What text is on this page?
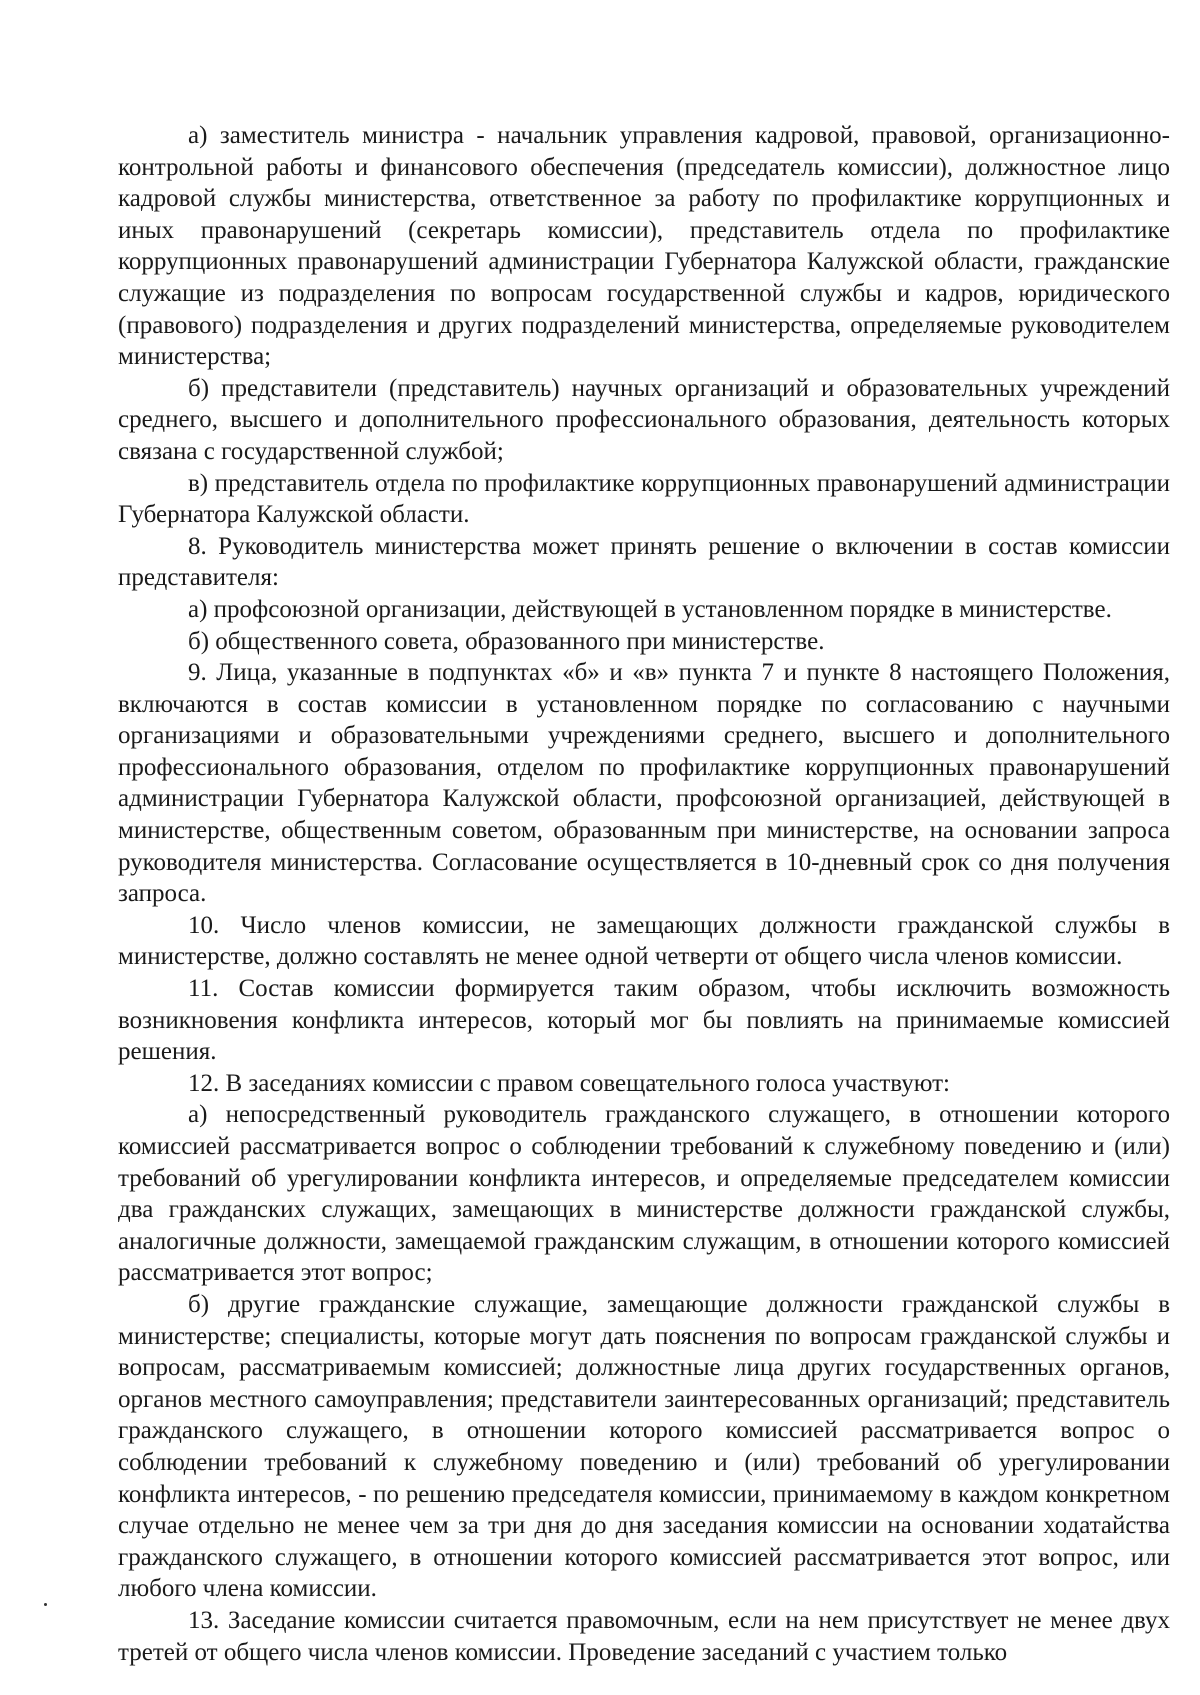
а) заместитель министра - начальник управления кадровой, правовой, организационно-контрольной работы и финансового обеспечения (председатель комиссии), должностное лицо кадровой службы министерства, ответственное за работу по профилактике коррупционных и иных правонарушений (секретарь комиссии), представитель отдела по профилактике коррупционных правонарушений администрации Губернатора Калужской области, гражданские служащие из подразделения по вопросам государственной службы и кадров, юридического (правового) подразделения и других подразделений министерства, определяемые руководителем министерства;

б) представители (представитель) научных организаций и образовательных учреждений среднего, высшего и дополнительного профессионального образования, деятельность которых связана с государственной службой;

в) представитель отдела по профилактике коррупционных правонарушений администрации Губернатора Калужской области.

8. Руководитель министерства может принять решение о включении в состав комиссии представителя:

а) профсоюзной организации, действующей в установленном порядке в министерстве.

б) общественного совета, образованного при министерстве.

9. Лица, указанные в подпунктах «б» и «в» пункта 7 и пункте 8 настоящего Положения, включаются в состав комиссии в установленном порядке по согласованию с научными организациями и образовательными учреждениями среднего, высшего и дополнительного профессионального образования, отделом по профилактике коррупционных правонарушений администрации Губернатора Калужской области, профсоюзной организацией, действующей в министерстве, общественным советом, образованным при министерстве, на основании запроса руководителя министерства. Согласование осуществляется в 10-дневный срок со дня получения запроса.

10. Число членов комиссии, не замещающих должности гражданской службы в министерстве, должно составлять не менее одной четверти от общего числа членов комиссии.

11. Состав комиссии формируется таким образом, чтобы исключить возможность возникновения конфликта интересов, который мог бы повлиять на принимаемые комиссией решения.

12. В заседаниях комиссии с правом совещательного голоса участвуют:

а) непосредственный руководитель гражданского служащего, в отношении которого комиссией рассматривается вопрос о соблюдении требований к служебному поведению и (или) требований об урегулировании конфликта интересов, и определяемые председателем комиссии два гражданских служащих, замещающих в министерстве должности гражданской службы, аналогичные должности, замещаемой гражданским служащим, в отношении которого комиссией рассматривается этот вопрос;

б) другие гражданские служащие, замещающие должности гражданской службы в министерстве; специалисты, которые могут дать пояснения по вопросам гражданской службы и вопросам, рассматриваемым комиссией; должностные лица других государственных органов, органов местного самоуправления; представители заинтересованных организаций; представитель гражданского служащего, в отношении которого комиссией рассматривается вопрос о соблюдении требований к служебному поведению и (или) требований об урегулировании конфликта интересов, - по решению председателя комиссии, принимаемому в каждом конкретном случае отдельно не менее чем за три дня до дня заседания комиссии на основании ходатайства гражданского служащего, в отношении которого комиссией рассматривается этот вопрос, или любого члена комиссии.

13. Заседание комиссии считается правомочным, если на нем присутствует не менее двух третей от общего числа членов комиссии. Проведение заседаний с участием только
